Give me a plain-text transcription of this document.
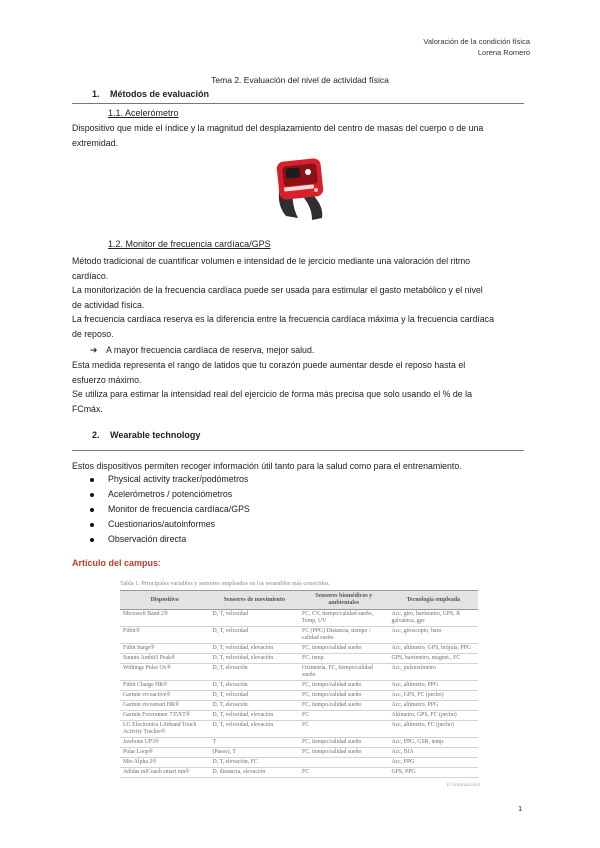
Valoración de la condición física
Lorena Romero
Tema 2. Evaluación del nivel de actividad física
1. Métodos de evaluación
1.1. Acelerómetro
Dispositivo que mide el índice y la magnitud del desplazamiento del centro de masas del cuerpo o de una
extremidad.
1.2. Monitor de frecuencia cardíaca/GPS
Método tradicional de cuantificar volumen e intensidad de le jercicio mediante una valoración del ritmo
cardíaco.
La monitorización de la frecuencia cardíaca puede ser usada para estimular el gasto metabólico y el nivel
de actividad física.
La frecuencia cardíaca reserva es la diferencia entre la frecuencia cardíaca máxima y la frecuencia cardíaca
de reposo.
➔ A mayor frecuencia cardíaca de reserva, mejor salud.
Esta medida representa el rango de latidos que tu corazón puede aumentar desde el reposo hasta el
esfuerzo máximo.
Se utiliza para estimar la intensidad real del ejercicio de forma más precisa que solo usando el % de la
FCmáx.
2. Wearable technology
Estos dispositivos permiten recoger información útil tanto para la salud como para el entrenamiento.
Physical activity tracker/podómetros
Acelerómetros / potenciómetros
Monitor de frecuencia cardíaca/GPS
Cuestionarios/autoinformes
Observación directa
Artículo del campus:
Tabla 1. Principales variables y sensores empleados en los wearables más conocidos.
Dispositivo	Sensores de movimiento	Sensores biomédicos y ambientales	Tecnología empleada
Microsoft Band 2®	D, T, velocidad	FC, CV, tiempo/calidad sueño, Temp, UV	Acc, giro, barómetro, GPS, R galvánica, gps
Fitbit®	D, T, velocidad	FC (PPG) Distancia, tiempo / calidad sueño	Acc, giroscopio, baro
Fitbit Surge®	D, T, velocidad, elevación	FC, tiempo/calidad sueño	Acc, altímetro, GPS, brújula, PPG
Suunto Ambit3 Peak®	D, T, velocidad, elevación	FC, temp.	GPS, barómetro, magnet., FC
Withings Pulse Ox®	D, T, elevación	Oximetría, FC, tiempo/calidad sueño	Acc, pulsioxímetro
Fitbit Charge HR®	D, T, elevación	FC, tiempo/calidad sueño	Acc, altímetro, PPG
Garmin vivoactive®	D, T, velocidad	FC, tiempo/calidad sueño	Acc, GPS, FC (pecho)
Garmin vivosmart HR®	D, T, elevación	FC, tiempo/calidad sueño	Acc, altímetro, PPG
Garmin Forerunner 735XT®	D, T, velocidad, elevación	FC	Altímetro, GPS, FC (pecho)
LG Electronics Lifeband Touch Activity Tracker®	D, T, velocidad, elevación	FC	Acc, altímetro, FC (pecho)
Jawbone UP3®	T	FC, tiempo/calidad sueño	Acc, PPG, GSR, temp.
Polar Loop®	(Pasos), T	FC, tiempo/calidad sueño	Acc, BIA
Mio Alpha 2®	D, T, elevación, FC		Acc, PPG
Adidas miCoach smart run®	D, distancia, elevación	FC	GPS, PPG
(Continuación)
1
